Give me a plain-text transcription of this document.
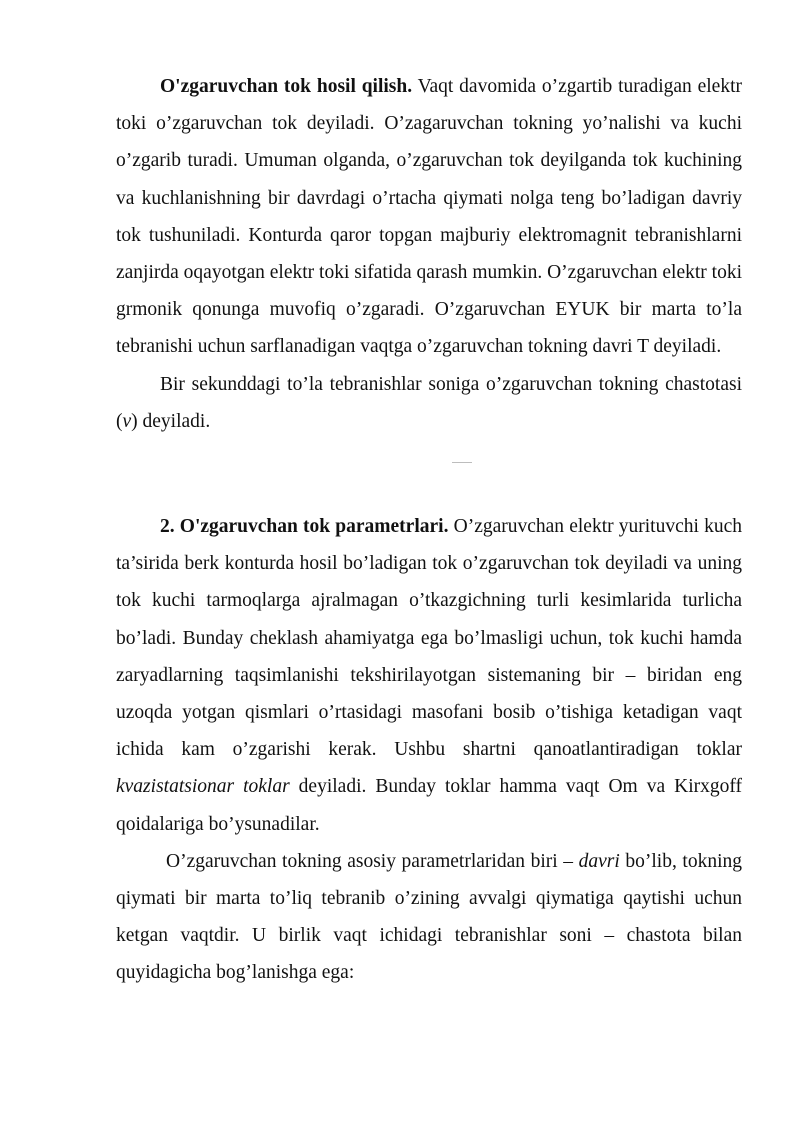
O'zgaruvchan tok hosil qilish. Vaqt davomida o’zgartib turadigan elektr toki o’zgaruvchan tok deyiladi. O’zagaruvchan tokning yo’nalishi va kuchi o’zgarib turadi. Umuman olganda, o’zgaruvchan tok deyilganda tok kuchining va kuchlanishning bir davrdagi o’rtacha qiymati nolga teng bo’ladigan davriy tok tushuniladi. Konturda qaror topgan majburiy elektromagnit tebranishlarni zanjirda oqayotgan elektr toki sifatida qarash mumkin. O’zgaruvchan elektr toki grmonik qonunga muvofiq o’zgaradi. O’zgaruvchan EYUK bir marta to’la tebranishi uchun sarflanadigan vaqtga o’zgaruvchan tokning davri T deyiladi.

Bir sekunddagi to’la tebranishlar soniga o’zgaruvchan tokning chastotasi (v) deyiladi.

2. O'zgaruvchan tok parametrlari. O’zgaruvchan elektr yurituvchi kuch ta’sirida berk konturda hosil bo’ladigan tok o’zgaruvchan tok deyiladi va uning tok kuchi tarmoqlarga ajralmagan o’tkazgichning turli kesimlarida turlicha bo’ladi. Bunday cheklash ahamiyatga ega bo’lmasligi uchun, tok kuchi hamda zaryadlarning taqsimlanishi tekshirilayotgan sistemaning bir – biridan eng uzoqda yotgan qismlari o’rtasidagi masofani bosib o’tishiga ketadigan vaqt ichida kam o’zgarishi kerak. Ushbu shartni qanoatlantiradigan toklar kvazistatsionar toklar deyiladi. Bunday toklar hamma vaqt Om va Kirxgoff qoidalariga bo’ysunadilar.

O’zgaruvchan tokning asosiy parametrlaridan biri – davri bo’lib, tokning qiymati bir marta to’liq tebranib o’zining avvalgi qiymatiga qaytishi uchun ketgan vaqtdir. U birlik vaqt ichidagi tebranishlar soni – chastota bilan quyidagicha bog’lanishga ega:
